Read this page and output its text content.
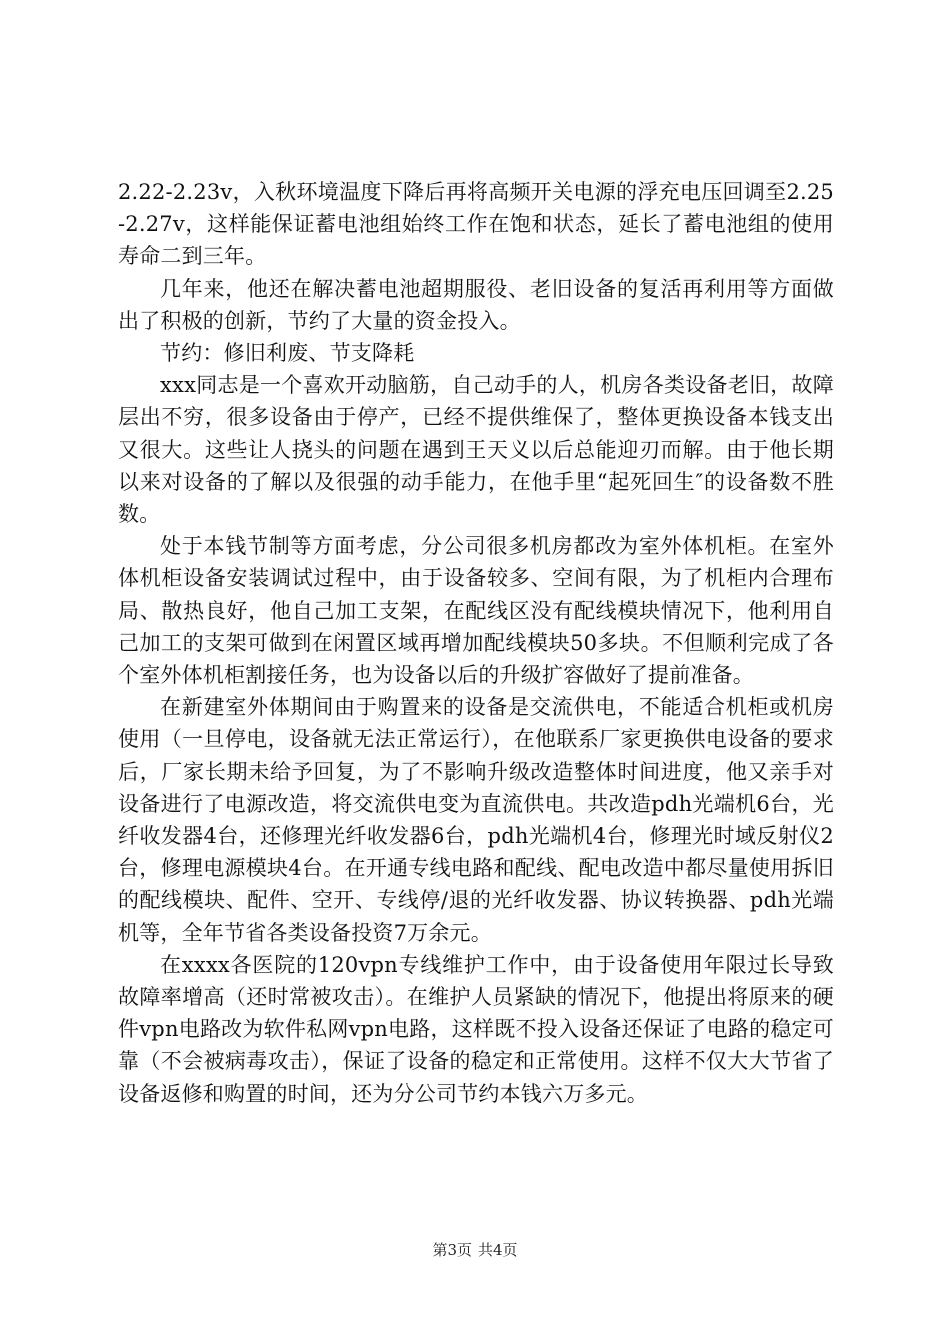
2.22-2.23v，入秋环境温度下降后再将高频开关电源的浮充电压回调至2.25-2.27v，这样能保证蓄电池组始终工作在饱和状态，延长了蓄电池组的使用寿命二到三年。

几年来，他还在解决蓄电池超期服役、老旧设备的复活再利用等方面做出了积极的创新，节约了大量的资金投入。

节约：修旧利废、节支降耗

xxx同志是一个喜欢开动脑筋，自己动手的人，机房各类设备老旧，故障层出不穷，很多设备由于停产，已经不提供维保了，整体更换设备本钱支出又很大。这些让人挠头的问题在遇到王天义以后总能迎刃而解。由于他长期以来对设备的了解以及很强的动手能力，在他手里“起死回生″的设备数不胜数。

处于本钱节制等方面考虑，分公司很多机房都改为室外体机柜。在室外体机柜设备安装调试过程中，由于设备较多、空间有限，为了机柜内合理布局、散热良好，他自己加工支架，在配线区没有配线模块情况下，他利用自己加工的支架可做到在闲置区域再增加配线模块50多块。不但顺利完成了各个室外体机柜割接任务，也为设备以后的升级扩容做好了提前准备。

在新建室外体期间由于购置来的设备是交流供电，不能适合机柜或机房使用（一旦停电，设备就无法正常运行），在他联系厂家更换供电设备的要求后，厂家长期未给予回复，为了不影响升级改造整体时间进度，他又亲手对设备进行了电源改造，将交流供电变为直流供电。共改造pdh光端机6台，光纤收发器4台，还修理光纤收发器6台，pdh光端机4台，修理光时域反射仪2台，修理电源模块4台。在开通专线电路和配线、配电改造中都尽量使用拆旧的配线模块、配件、空开、专线停/退的光纤收发器、协议转换器、pdh光端机等，全年节省各类设备投资7万余元。

在xxxx各医院的120vpn专线维护工作中，由于设备使用年限过长导致故障率增高（还时常被攻击）。在维护人员紧缺的情况下，他提出将原来的硬件vpn电路改为软件私网vpn电路，这样既不投入设备还保证了电路的稳定可靠（不会被病毒攻击），保证了设备的稳定和正常使用。这样不仅大大节省了设备返修和购置的时间，还为分公司节约本钱六万多元。

第3页 共4页
